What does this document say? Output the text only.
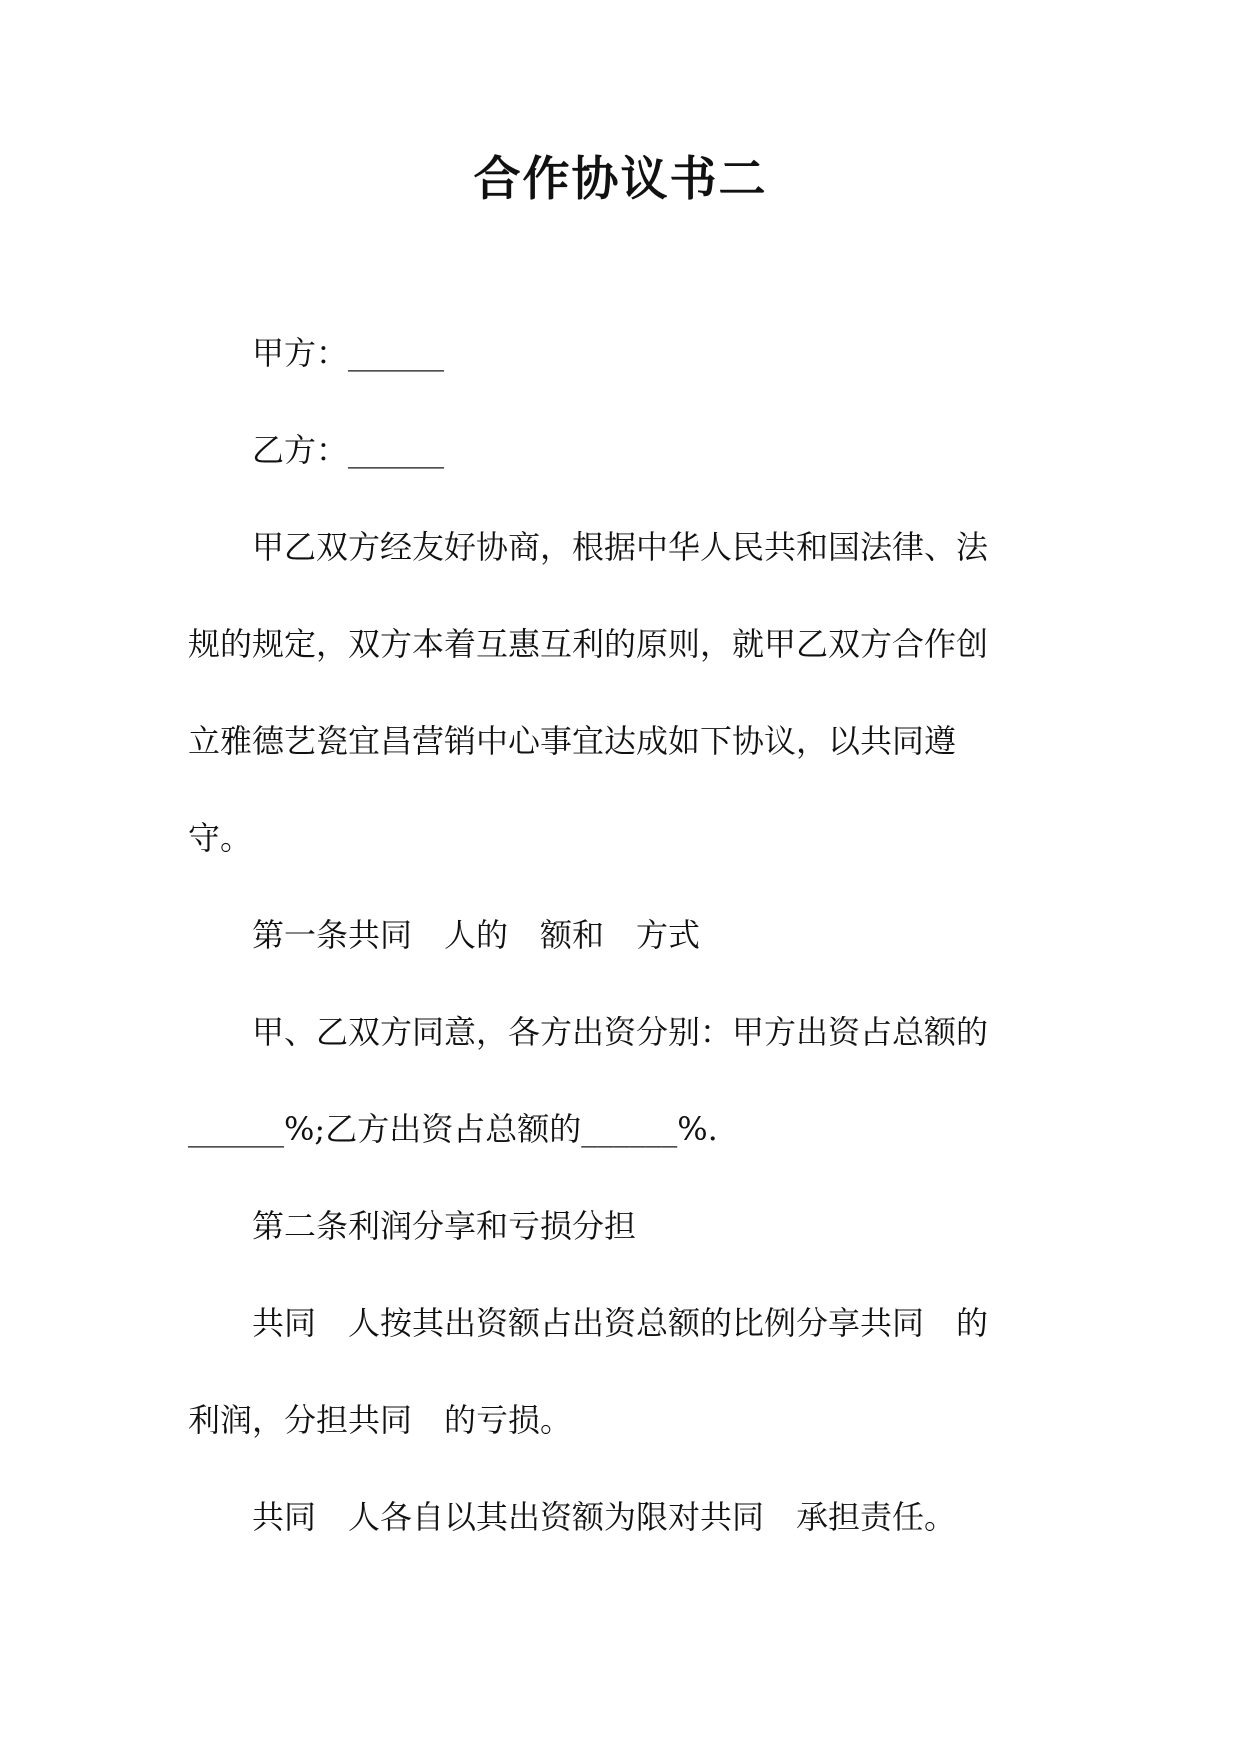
合作协议书二
甲方：______
乙方：______
甲乙双方经友好协商，根据中华人民共和国法律、法
规的规定，双方本着互惠互利的原则，就甲乙双方合作创
立雅德艺瓷宜昌营销中心事宜达成如下协议，以共同遵
守。
第一条共同　人的　额和　方式
甲、乙双方同意，各方出资分别：甲方出资占总额的
______%;乙方出资占总额的______%.
第二条利润分享和亏损分担
共同　人按其出资额占出资总额的比例分享共同　的
利润，分担共同　的亏损。
共同　人各自以其出资额为限对共同　承担责任。
